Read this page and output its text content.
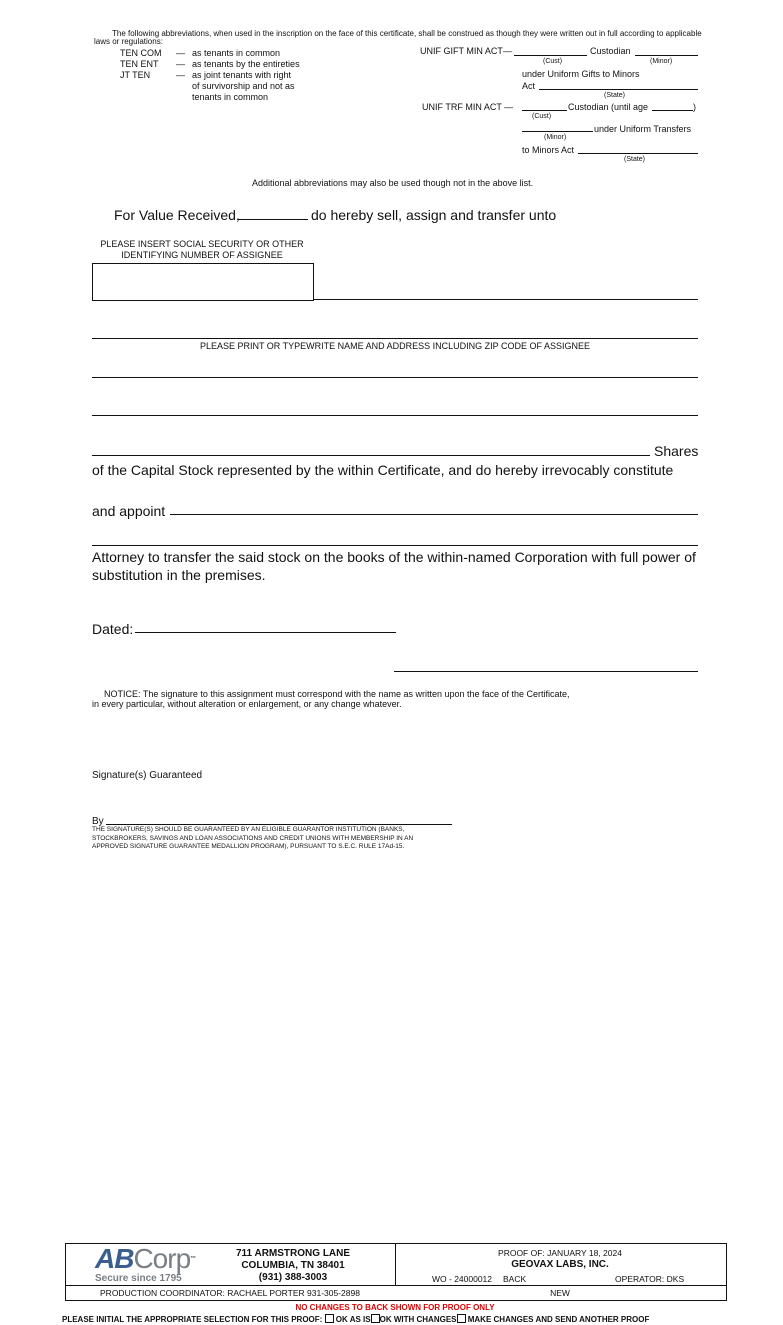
The following abbreviations, when used in the inscription on the face of this certificate, shall be construed as though they were written out in full according to applicable
laws or regulations:
TEN COM — as tenants in common
TEN ENT — as tenants by the entireties
JT TEN	— as joint tenants with right
of survivorship and not as
tenants in common
UNIF GIFT MIN ACT—	Custodian
(Cust)	(Minor)
under Uniform Gifts to Minors
Act
(State)
UNIF TRF MIN ACT —	Custodian (until age	)
(Cust)
under Uniform Transfers
(Minor)
to Minors Act
(State)
Additional abbreviations may also be used though not in the above list.
For Value Received,	do hereby sell, assign and transfer unto
PLEASE INSERT SOCIAL SECURITY OR OTHER
IDENTIFYING NUMBER OF ASSIGNEE
PLEASE PRINT OR TYPEWRITE NAME AND ADDRESS INCLUDING ZIP CODE OF ASSIGNEE
Shares
of the Capital Stock represented by the within Certificate, and do hereby irrevocably constitute
and appoint
Attorney to transfer the said stock on the books of the within-named Corporation with full power of
substitution in the premises.
Dated:
NOTICE: The signature to this assignment must correspond with the name as written upon the face of the Certificate,
in every particular, without alteration or enlargement, or any change whatever.
Signature(s) Guaranteed
By
THE SIGNATURE(S) SHOULD BE GUARANTEED BY AN ELIGIBLE GUARANTOR INSTITUTION (BANKS,
STOCKBROKERS, SAVINGS AND LOAN ASSOCIATIONS AND CREDIT UNIONS WITH MEMBERSHIP IN AN
APPROVED SIGNATURE GUARANTEE MEDALLION PROGRAM), PURSUANT TO S.E.C. RULE 17Ad-15.
ABCorp™
Secure since 1795
711 ARMSTRONG LANE
COLUMBIA, TN 38401
(931) 388-3003
PROOF OF: JANUARY 18, 2024
GEOVAX LABS, INC.
WO - 24000012 BACK	OPERATOR: DKS
PRODUCTION COORDINATOR: RACHAEL PORTER 931-305-2898	NEW
NO CHANGES TO BACK SHOWN FOR PROOF ONLY
PLEASE INITIAL THE APPROPRIATE SELECTION FOR THIS PROOF: OK AS IS OK WITH CHANGES MAKE CHANGES AND SEND ANOTHER PROOF
